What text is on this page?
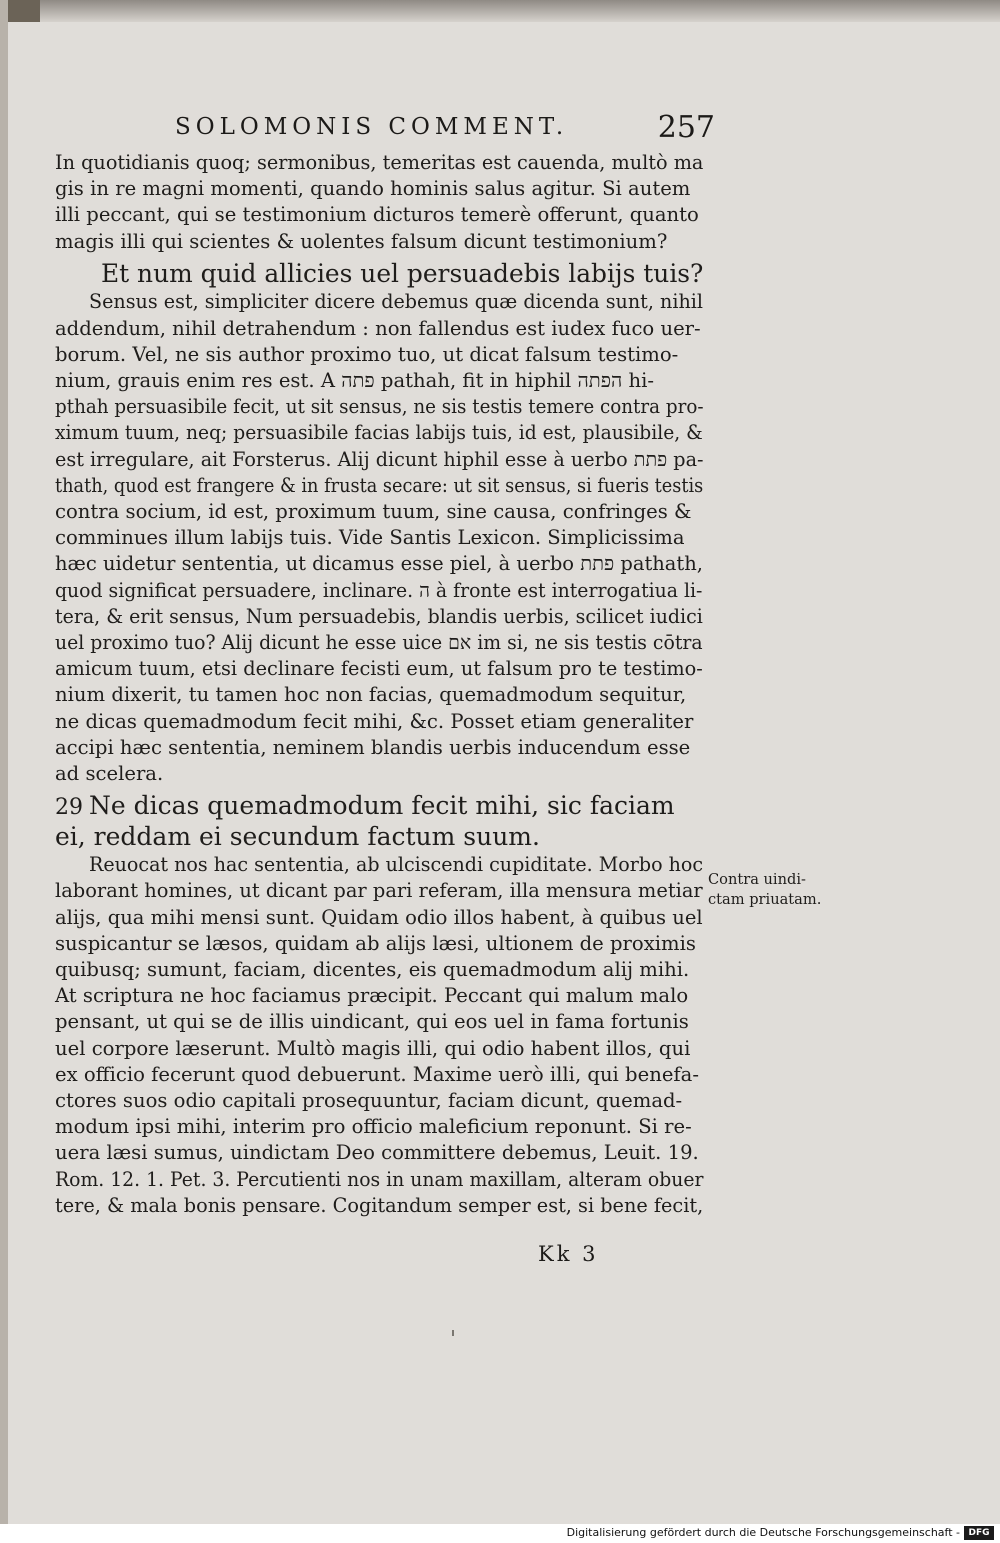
SOLOMONIS COMMENT.	257
In quotidianis quoq; sermonibus, temeritas est cauenda, multò ma
gis in re magni momenti, quando hominis salus agitur. Si autem
illi peccant, qui se testimonium dicturos temerè offerunt, quanto
magis illi qui scientes & uolentes falsum dicunt testimonium?
Et num quid allicies uel persuadebis labijs tuis?
Sensus est, simpliciter dicere debemus quæ dicenda sunt, nihil
addendum, nihil detrahendum : non fallendus est iudex fuco uer-
borum. Vel, ne sis author proximo tuo, ut dicat falsum testimo-
nium, grauis enim res est. A פתה pathah, fit in hiphil הפתה hi-
pthah persuasibile fecit, ut sit sensus, ne sis testis temere contra pro-
ximum tuum, neq; persuasibile facias labijs tuis, id est, plausibile, &
est irregulare, ait Forsterus. Alij dicunt hiphil esse à uerbo פתת pa-
thath, quod est frangere & in frusta secare: ut sit sensus, si fueris testis
contra socium, id est, proximum tuum, sine causa, confringes &
comminues illum labijs tuis. Vide Santis Lexicon. Simplicissima
hæc uidetur sententia, ut dicamus esse piel, à uerbo פתת pathath,
quod significat persuadere, inclinare. ה à fronte est interrogatiua li-
tera, & erit sensus, Num persuadebis, blandis uerbis, scilicet iudici
uel proximo tuo? Alij dicunt he esse uice אם im si, ne sis testis cōtra
amicum tuum, etsi declinare fecisti eum, ut falsum pro te testimo-
nium dixerit, tu tamen hoc non facias, quemadmodum sequitur,
ne dicas quemadmodum fecit mihi, &c. Posset etiam generaliter
accipi hæc sententia, neminem blandis uerbis inducendum esse
ad scelera.
29 Ne dicas quemadmodum fecit mihi, sic faciam
ei, reddam ei secundum factum suum.
Reuocat nos hac sententia, ab ulciscendi cupiditate. Morbo hoc
laborant homines, ut dicant par pari referam, illa mensura metiar
alijs, qua mihi mensi sunt. Quidam odio illos habent, à quibus uel
suspicantur se læsos, quidam ab alijs læsi, ultionem de proximis
quibusq; sumunt, faciam, dicentes, eis quemadmodum alij mihi.
At scriptura ne hoc faciamus præcipit. Peccant qui malum malo
pensant, ut qui se de illis uindicant, qui eos uel in fama fortunis
uel corpore læserunt. Multò magis illi, qui odio habent illos, qui
ex officio fecerunt quod debuerunt. Maxime uerò illi, qui benefa-
ctores suos odio capitali prosequuntur, faciam dicunt, quemad-
modum ipsi mihi, interim pro officio maleficium reponunt. Si re-
uera læsi sumus, uindictam Deo committere debemus, Leuit. 19.
Rom. 12. 1. Pet. 3. Percutienti nos in unam maxillam, alteram obuer
tere, & mala bonis pensare. Cogitandum semper est, si bene fecit,
Contra uindi-
ctam priuatam.
Kk 3
Digitalisierung gefördert durch die Deutsche Forschungsgemeinschaft - DFG
